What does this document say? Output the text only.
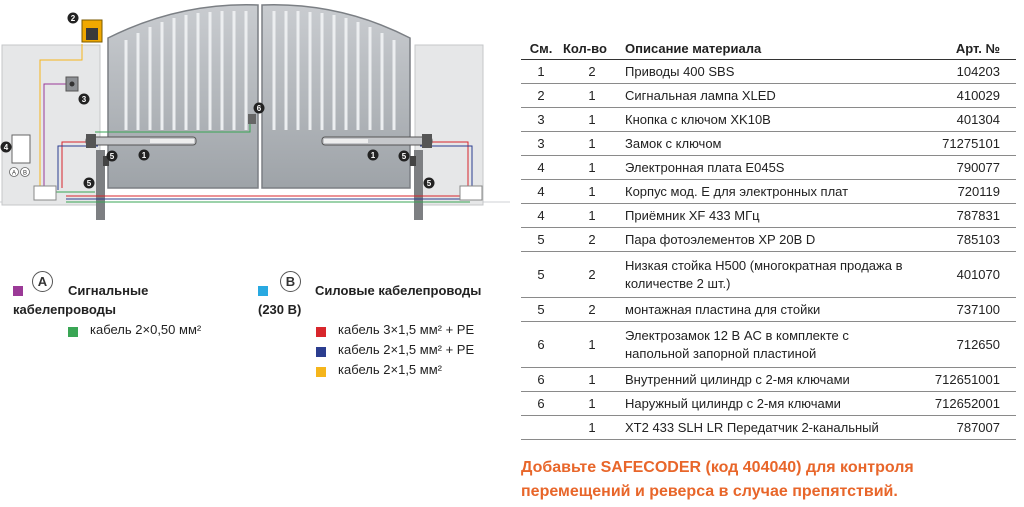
1	1
2
3
4
5
5
5
5
6
A B
A
Сигнальные
кабелепроводы
кабель 2×0,50 мм²
B
Силовые кабелепроводы
(230 В)
кабель 3×1,5 мм² + PE
кабель 2×1,5 мм² + PE
кабель 2×1,5 мм²
См.	Кол-во	Описание материала	Арт. №
1	2	Приводы 400 SBS	104203
2	1	Сигнальная лампа XLED	410029
3	1	Кнопка с ключом XK10B	401304
3	1	Замок с ключом	71275101
4	1	Электронная плата E045S	790077
4	1	Корпус мод. E для электронных плат	720119
4	1	Приёмник XF 433 МГц	787831
5	2	Пара фотоэлементов XP 20B D	785103
5	2	Низкая стойка H500 (многократная продажа в
количестве 2 шт.)	401070
5	2	монтажная пластина для стойки	737100
6	1	Электрозамок 12 В AC в комплекте с
напольной запорной пластиной	712650
6	1	Внутренний цилиндр с 2-мя ключами	712651001
6	1	Наружный цилиндр с 2-мя ключами	712652001
	1	XT2 433 SLH LR Передатчик 2-канальный	787007
Добавьте SAFECODER (код 404040) для контроля
перемещений и реверса в случае препятствий.
